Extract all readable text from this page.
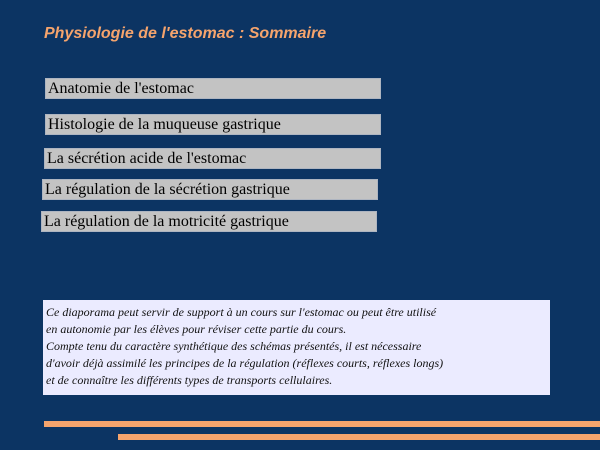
Physiologie de l'estomac : Sommaire
Anatomie de l'estomac
Histologie de la muqueuse gastrique
La sécrétion acide de l'estomac
La régulation de la sécrétion gastrique
La régulation de la motricité gastrique
Ce diaporama peut servir de support à un cours sur l'estomac ou peut être utilisé
en autonomie par les élèves pour réviser cette partie du cours.
Compte tenu du caractère synthétique des schémas présentés, il est nécessaire
d'avoir déjà assimilé les principes de la régulation (réflexes courts, réflexes longs)
et de connaître les différents types de transports cellulaires.
